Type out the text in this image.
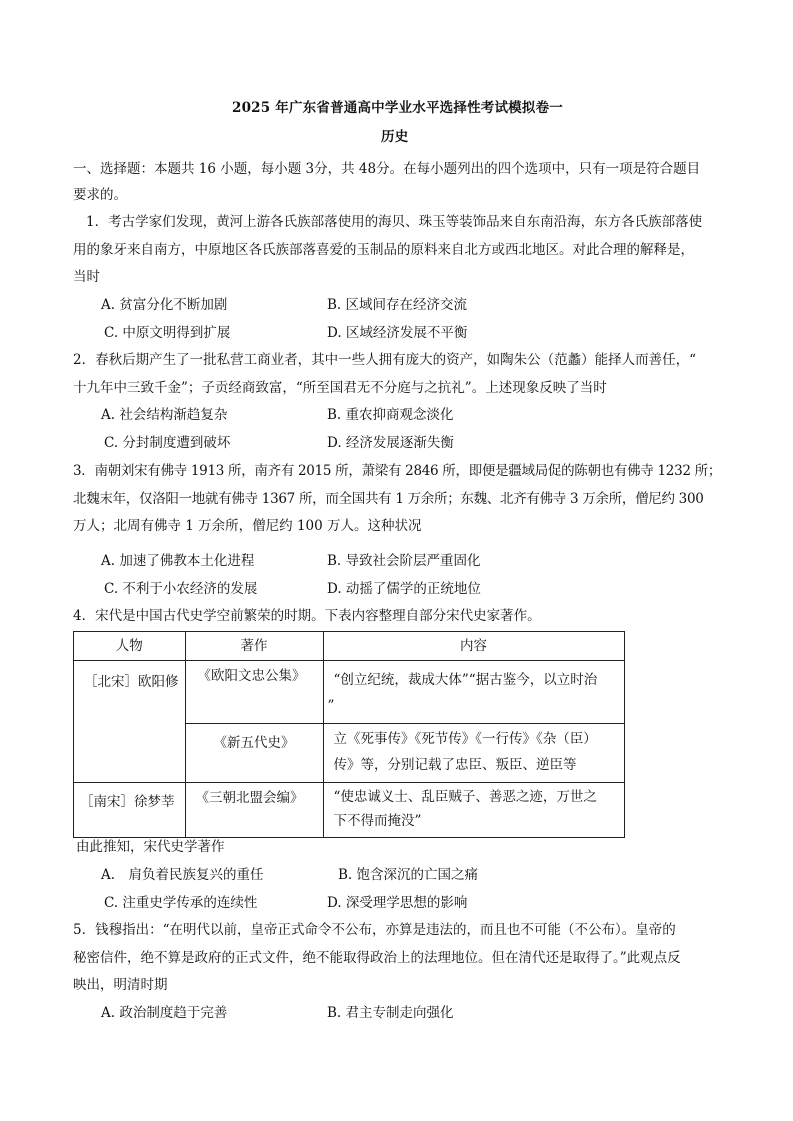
2025 年广东省普通高中学业水平选择性考试模拟卷一
历史
一、选择题：本题共 16 小题，每小题 3分，共 48分。在每小题列出的四个选项中，只有一项是符合题目
要求的。
1．考古学家们发现，黄河上游各氏族部落使用的海贝、珠玉等装饰品来自东南沿海，东方各氏族部落使
用的象牙来自南方，中原地区各氏族部落喜爱的玉制品的原料来自北方或西北地区。对此合理的解释是，
当时
A. 贫富分化不断加剧	B. 区域间存在经济交流
C. 中原文明得到扩展	D. 区域经济发展不平衡
2．春秋后期产生了一批私营工商业者，其中一些人拥有庞大的资产，如陶朱公（范蠡）能择人而善任，“
十九年中三致千金”；子贡经商致富，“所至国君无不分庭与之抗礼”。上述现象反映了当时
A. 社会结构渐趋复杂	B. 重农抑商观念淡化
C. 分封制度遭到破坏	D. 经济发展逐渐失衡
3．南朝刘宋有佛寺 1913 所，南齐有 2015 所，萧梁有 2846 所，即便是疆域局促的陈朝也有佛寺 1232 所；
北魏末年，仅洛阳一地就有佛寺 1367 所，而全国共有 1 万余所；东魏、北齐有佛寺 3 万余所，僧尼约 300
万人；北周有佛寺 1 万余所，僧尼约 100 万人。这种状况
A. 加速了佛教本土化进程	B. 导致社会阶层严重固化
C. 不利于小农经济的发展	D. 动摇了儒学的正统地位
4．宋代是中国古代史学空前繁荣的时期。下表内容整理自部分宋代史家著作。
人物	著作	内容

［北宋］欧阳修	《欧阳文忠公集》	“创立纪统，裁成大体”“据古鉴今，以立时治
”

	《新五代史》	立《死事传》《死节传》《一行传》《杂（臣）
传》等，分别记载了忠臣、叛臣、逆臣等

［南宋］徐梦莘	《三朝北盟会编》	“使忠诚义士、乱臣贼子、善恶之迹，万世之
下不得而掩没”
由此推知，宋代史学著作
A.　肩负着民族复兴的重任	B. 饱含深沉的亡国之痛
C. 注重史学传承的连续性	D. 深受理学思想的影响
5．钱穆指出：“在明代以前，皇帝正式命令不公布，亦算是违法的，而且也不可能（不公布）。皇帝的
秘密信件，绝不算是政府的正式文件，绝不能取得政治上的法理地位。但在清代还是取得了。”此观点反
映出，明清时期
A. 政治制度趋于完善	B. 君主专制走向强化
